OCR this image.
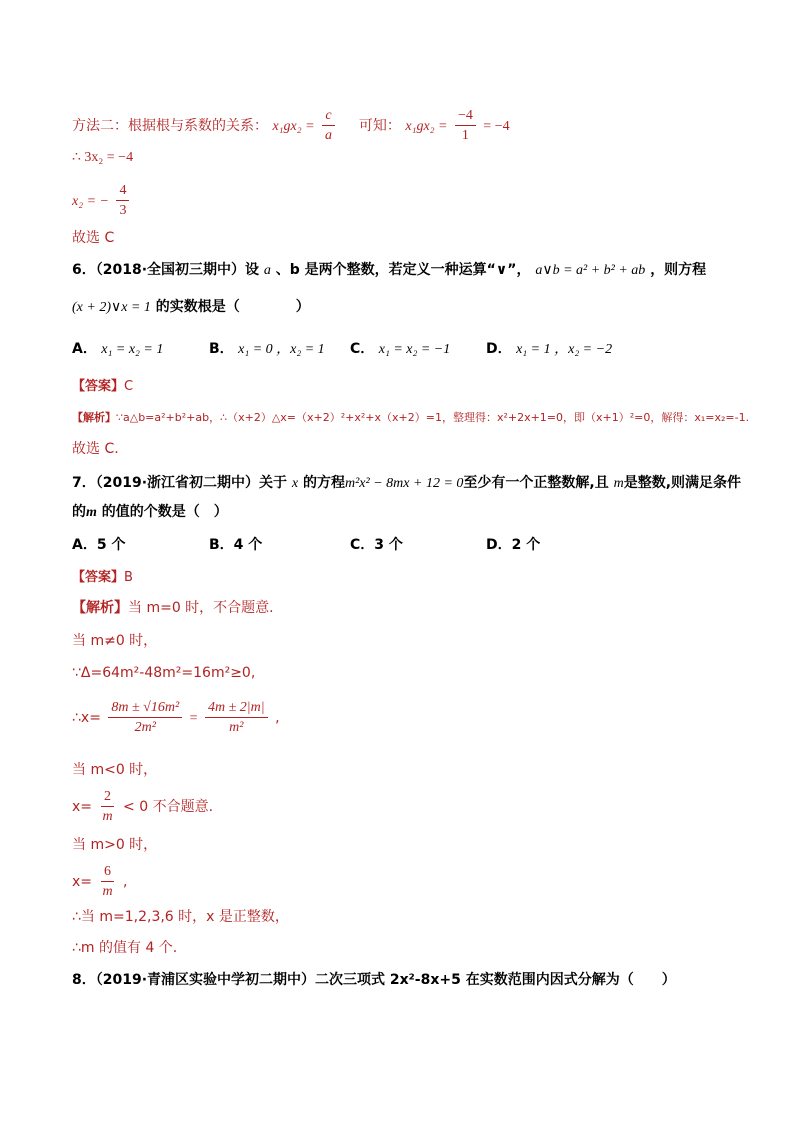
方法二：根据根与系数的关系： $x_1gx_2 = \frac{c}{a}$ 可知： $x_1gx_2 = \frac{-4}{1} = -4$
∴ 3x₂ = −4
x₂ = − $\frac{4}{3}$
故选 C
6．（2018·全国初三期中）设 a 、b 是两个整数，若定义一种运算“∨”， a∨b = a² + b² + ab ，则方程
(x + 2)∨x = 1 的实数根是（　　　　）
A． x₁ = x₂ = 1	B． x₁ = 0 ，x₂ = 1 C． x₁ = x₂ = −1	D． x₁ = 1 ，x₂ = −2
【答案】C
【解析】∵a△b=a²+b²+ab，∴（x+2）△x=（x+2）²+x²+x（x+2）=1，整理得：x²+2x+1=0，即（x+1）²=0，解得：x₁=x₂=-1.
故选 C.
7．（2019·浙江省初二期中）关于 x 的方程m²x² − 8mx + 12 = 0至少有一个正整数解,且 m是整数,则满足条件
的m 的值的个数是（　）
A．5 个	B．4 个	C．3 个	D．2 个
【答案】B
【解析】当 m=0 时，不合题意.
当 m≠0 时，
∵Δ=64m²-48m²=16m²≥0,
∴x= $\frac{\text{8m ± √16m²}}{\text{2m²}} = \frac{4m \pm 2|m|}{\text{m²}}$ ,
当 m<0 时，
$x= \frac{2}{m} < 0$ 不合题意.
当 m>0 时，
$x= \frac{6}{m}$ ,
∴当 m=1,2,3,6 时，x 是正整数，
∴m 的值有 4 个.
8．（2019·青浦区实验中学初二期中）二次三项式 2x²-8x+5 在实数范围内因式分解为（　　）
